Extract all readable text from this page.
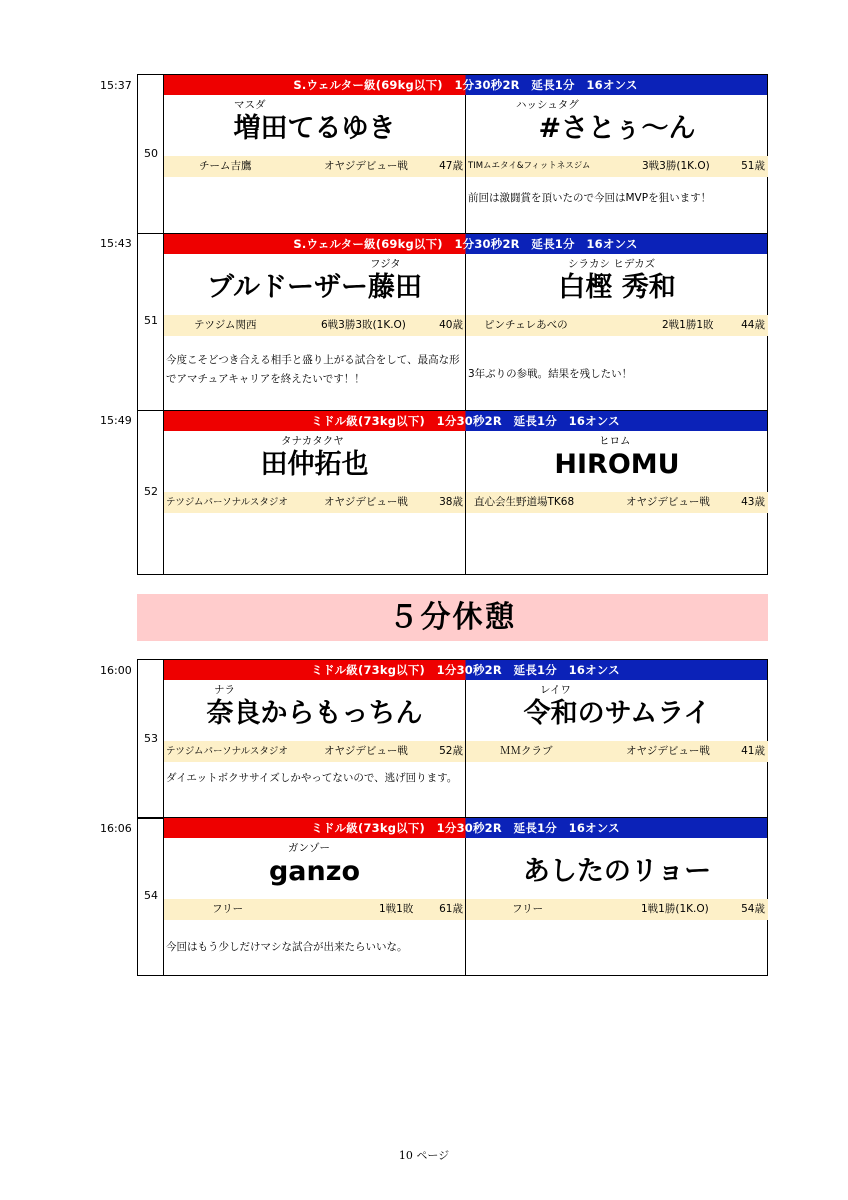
15:37
50
S.ウェルター級(69kg以下)　1分30秒2R　延長1分　16オンス
マスダ
増田てるゆき
チーム吉鷹	オヤジデビュー戦	47歳
ハッシュタグ
#さとぅ～ん
TIMムエタイ&フィットネスジム	3戦3勝(1K.O)	51歳
前回は激闘賞を頂いたので今回はMVPを狙います！
15:43
51
S.ウェルター級(69kg以下)　1分30秒2R　延長1分　16オンス
フジタ
ブルドーザー藤田
テツジム関西	6戦3勝3敗(1K.O)	40歳
今度こそどつき合える相手と盛り上がる試合をして、最高な形でアマチュアキャリアを終えたいです！！
シラカシ ヒデカズ
白樫 秀和
ピンチェレあべの	2戦1勝1敗	44歳
3年ぶりの参戦。結果を残したい！
15:49
52
ミドル級(73kg以下)　1分30秒2R　延長1分　16オンス
タナカタクヤ
田仲拓也
テツジムパーソナルスタジオ	オヤジデビュー戦	38歳
ヒロム
HIROMU
直心会生野道場TK68	オヤジデビュー戦	43歳
５分休憩
16:00
53
ミドル級(73kg以下)　1分30秒2R　延長1分　16オンス
ナラ
奈良からもっちん
テツジムパーソナルスタジオ	オヤジデビュー戦	52歳
ダイエットボクササイズしかやってないので、逃げ回ります。
レイワ
令和のサムライ
ＭＭクラブ	オヤジデビュー戦	41歳
16:06
54
ミドル級(73kg以下)　1分30秒2R　延長1分　16オンス
ガンゾー
ganzo
フリー	1戦1敗 61歳
今回はもう少しだけマシな試合が出来たらいいな。
あしたのリョー
フリー	1戦1勝(1K.O)	54歳
10 ページ
